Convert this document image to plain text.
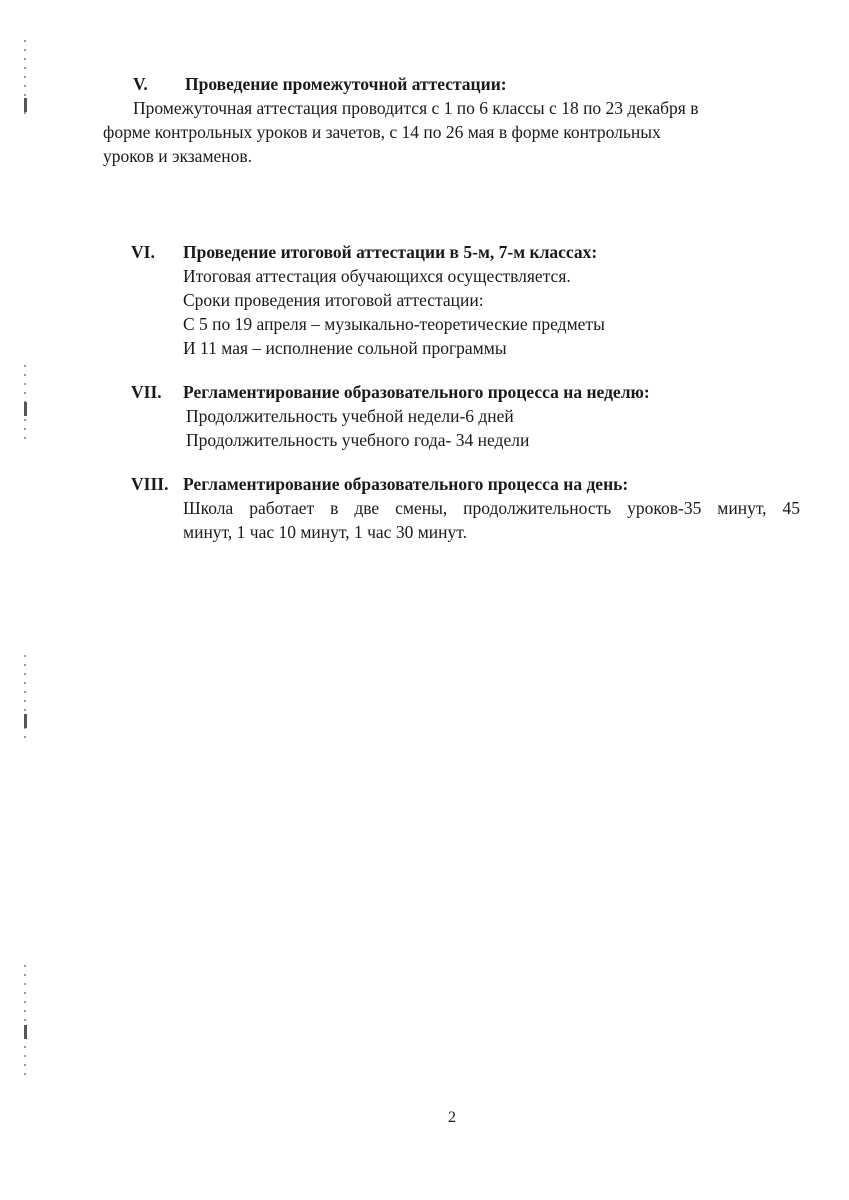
V. Проведение промежуточной аттестации:
Промежуточная аттестация проводится с 1 по 6 классы с 18 по 23 декабря в
форме контрольных уроков и зачетов, с 14 по 26 мая в форме контрольных
уроков и экзаменов.
VI. Проведение итоговой аттестации в 5-м, 7-м классах:
Итоговая аттестация обучающихся осуществляется.
Сроки проведения итоговой аттестации:
С 5 по 19 апреля – музыкально-теоретические предметы
И 11 мая – исполнение сольной программы
VII. Регламентирование образовательного процесса на неделю:
Продолжительность учебной недели-6 дней
Продолжительность учебного года- 34 недели
VIII. Регламентирование образовательного процесса на день:
Школа работает в две смены, продолжительность уроков-35 минут, 45
минут, 1 час 10 минут, 1 час 30 минут.
2
